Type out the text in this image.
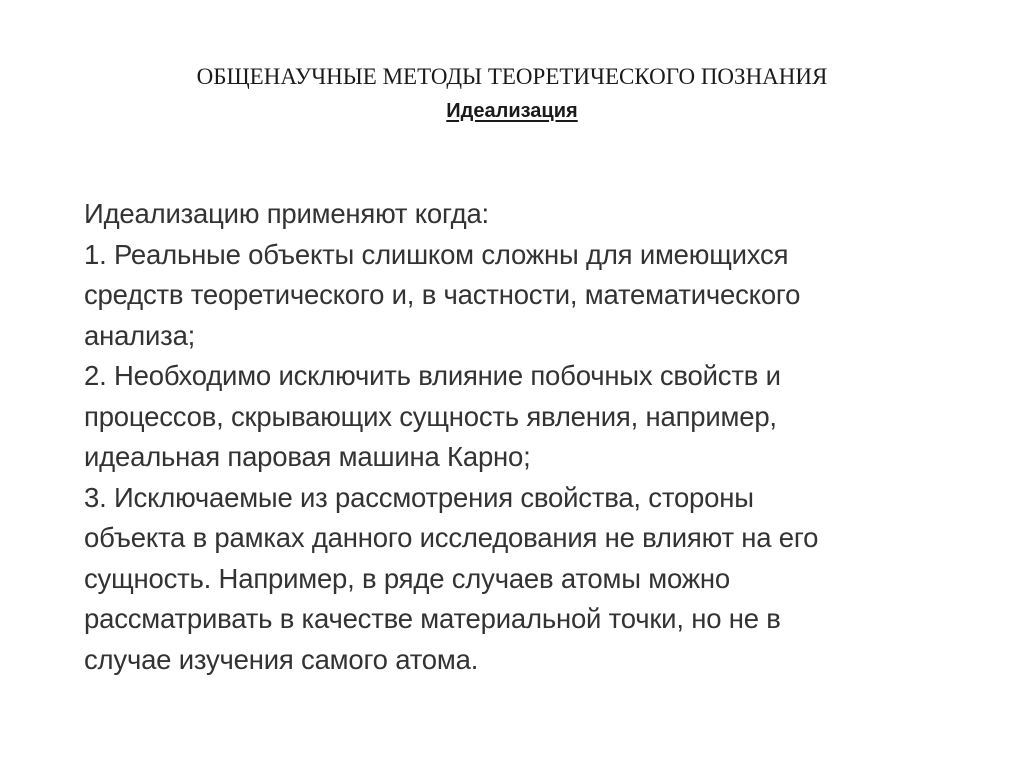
ОБЩЕНАУЧНЫЕ МЕТОДЫ ТЕОРЕТИЧЕСКОГО ПОЗНАНИЯ
Идеализация
Идеализацию применяют когда:
1. Реальные объекты слишком сложны для имеющихся
средств теоретического и, в частности, математического
анализа;
2. Необходимо исключить влияние побочных свойств и
процессов, скрывающих сущность явления, например,
идеальная паровая машина Карно;
3. Исключаемые из рассмотрения свойства, стороны
объекта в рамках данного исследования не влияют на его
сущность. Например, в ряде случаев атомы можно
рассматривать в качестве материальной точки, но не в
случае изучения самого атома.
